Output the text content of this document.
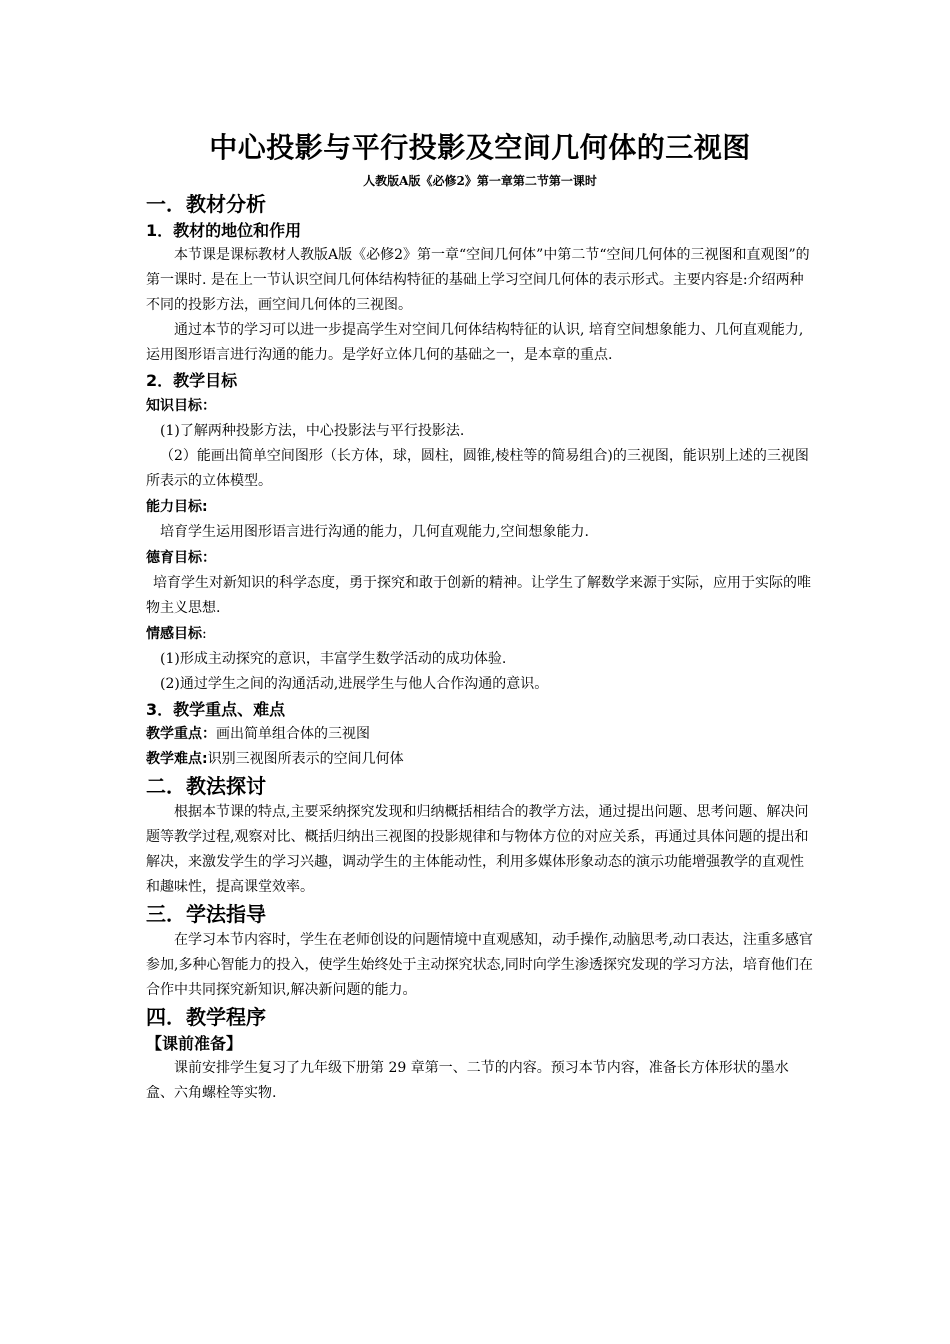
中心投影与平行投影及空间几何体的三视图
人教版A版《必修2》第一章第二节第一课时
一．教材分析
1．教材的地位和作用

本节课是课标教材人教版A版《必修2》第一章“空间几何体”中第二节“空间几何体的三视图和直观图”的第一课时. 是在上一节认识空间几何体结构特征的基础上学习空间几何体的表示形式。主要内容是:介绍两种不同的投影方法，画空间几何体的三视图。

通过本节的学习可以进一步提高学生对空间几何体结构特征的认识, 培育空间想象能力、几何直观能力, 运用图形语言进行沟通的能力。是学好立体几何的基础之一，是本章的重点.

2．教学目标
知识目标：

(1)了解两种投影方法，中心投影法与平行投影法.

（2）能画出简单空间图形（长方体，球，圆柱，圆锥,棱柱等的简易组合)的三视图，能识别上述的三视图所表示的立体模型。

能力目标:

培育学生运用图形语言进行沟通的能力，几何直观能力,空间想象能力.

德育目标：

培育学生对新知识的科学态度，勇于探究和敢于创新的精神。让学生了解数学来源于实际，应用于实际的唯物主义思想.

情感目标:

(1)形成主动探究的意识，丰富学生数学活动的成功体验.

(2)通过学生之间的沟通活动,进展学生与他人合作沟通的意识。

3．教学重点、难点

教学重点：画出简单组合体的三视图

教学难点:识别三视图所表示的空间几何体

二．教法探讨

根据本节课的特点,主要采纳探究发现和归纳概括相结合的教学方法，通过提出问题、思考问题、解决问题等教学过程,观察对比、概括归纳出三视图的投影规律和与物体方位的对应关系，再通过具体问题的提出和解决，来激发学生的学习兴趣，调动学生的主体能动性，利用多媒体形象动态的演示功能增强教学的直观性和趣味性，提高课堂效率。

三．学法指导

在学习本节内容时，学生在老师创设的问题情境中直观感知，动手操作,动脑思考,动口表达，注重多感官参加,多种心智能力的投入，使学生始终处于主动探究状态,同时向学生渗透探究发现的学习方法，培育他们在合作中共同探究新知识,解决新问题的能力。

四．教学程序
【课前准备】

课前安排学生复习了九年级下册第 29 章第一、二节的内容。预习本节内容，准备长方体形状的墨水盒、六角螺栓等实物.
